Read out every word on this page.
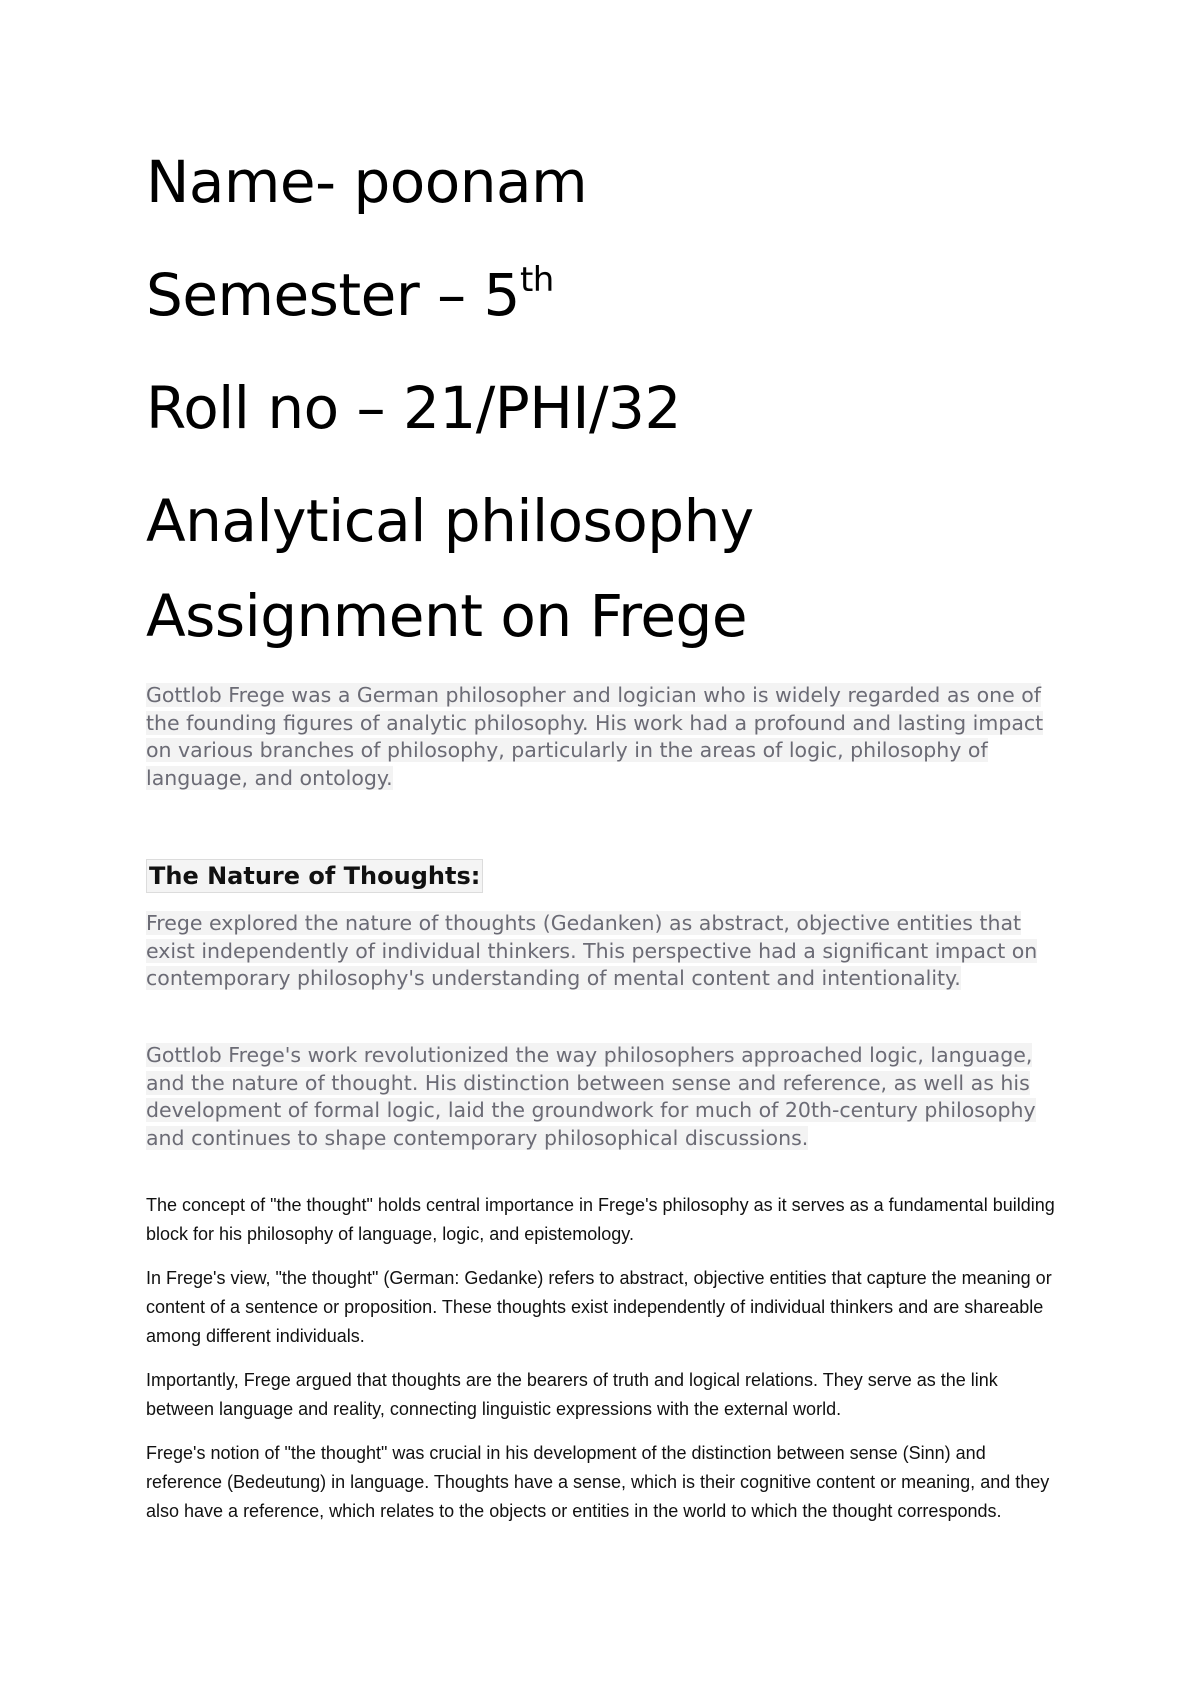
Name- poonam
Semester – 5th
Roll no – 21/PHI/32
Analytical philosophy
Assignment on Frege

Gottlob Frege was a German philosopher and logician who is widely regarded as one of the founding figures of analytic philosophy. His work had a profound and lasting impact on various branches of philosophy, particularly in the areas of logic, philosophy of language, and ontology.

The Nature of Thoughts:

Frege explored the nature of thoughts (Gedanken) as abstract, objective entities that exist independently of individual thinkers. This perspective had a significant impact on contemporary philosophy's understanding of mental content and intentionality.

Gottlob Frege's work revolutionized the way philosophers approached logic, language, and the nature of thought. His distinction between sense and reference, as well as his development of formal logic, laid the groundwork for much of 20th-century philosophy and continues to shape contemporary philosophical discussions.

The concept of "the thought" holds central importance in Frege's philosophy as it serves as a fundamental building block for his philosophy of language, logic, and epistemology.

In Frege's view, "the thought" (German: Gedanke) refers to abstract, objective entities that capture the meaning or content of a sentence or proposition. These thoughts exist independently of individual thinkers and are shareable among different individuals.

Importantly, Frege argued that thoughts are the bearers of truth and logical relations. They serve as the link between language and reality, connecting linguistic expressions with the external world.

Frege's notion of "the thought" was crucial in his development of the distinction between sense (Sinn) and reference (Bedeutung) in language. Thoughts have a sense, which is their cognitive content or meaning, and they also have a reference, which relates to the objects or entities in the world to which the thought corresponds.
